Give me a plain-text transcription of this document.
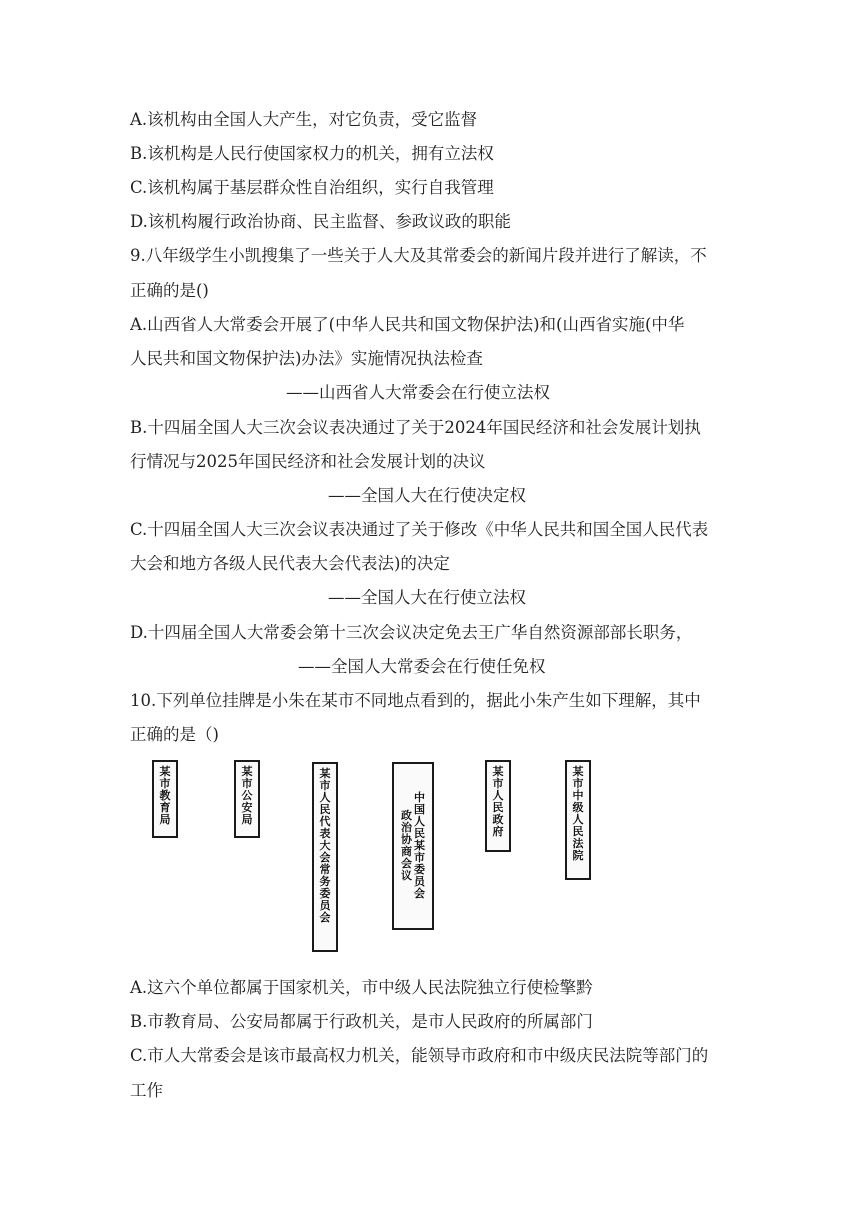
A.该机构由全国人大产生，对它负责，受它监督
B.该机构是人民行使国家权力的机关，拥有立法权
C.该机构属于基层群众性自治组织，实行自我管理
D.该机构履行政治协商、民主监督、参政议政的职能
9.八年级学生小凯搜集了一些关于人大及其常委会的新闻片段并进行了解读，不
正确的是()
A.山西省人大常委会开展了(中华人民共和国文物保护法)和(山西省实施(中华
人民共和国文物保护法)办法》实施情况执法检查
——山西省人大常委会在行使立法权
B.十四届全国人大三次会议表决通过了关于2024年国民经济和社会发展计划执
行情况与2025年国民经济和社会发展计划的决议
——全国人大在行使决定权
C.十四届全国人大三次会议表决通过了关于修改《中华人民共和国全国人民代表
大会和地方各级人民代表大会代表法)的决定
——全国人大在行使立法权
D.十四届全国人大常委会第十三次会议决定免去王广华自然资源部部长职务，
——全国人大常委会在行使任免权
10.下列单位挂牌是小朱在某市不同地点看到的，据此小朱产生如下理解，其中
正确的是（)
某
市
教
育
局
某
市
公
安
局
某
市
人
民
代
表
大
会
常
务
委
员
会
政
治
协
商
会
议
中
国
人
民
某
市
委
员
会
某
市
人
民
政
府
某
市
中
级
人
民
法
院
A.这六个单位都属于国家机关，市中级人民法院独立行使检擎黔
B.市教育局、公安局都属于行政机关，是市人民政府的所属部门
C.市人大常委会是该市最高权力机关，能领导市政府和市中级庆民法院等部门的
工作
